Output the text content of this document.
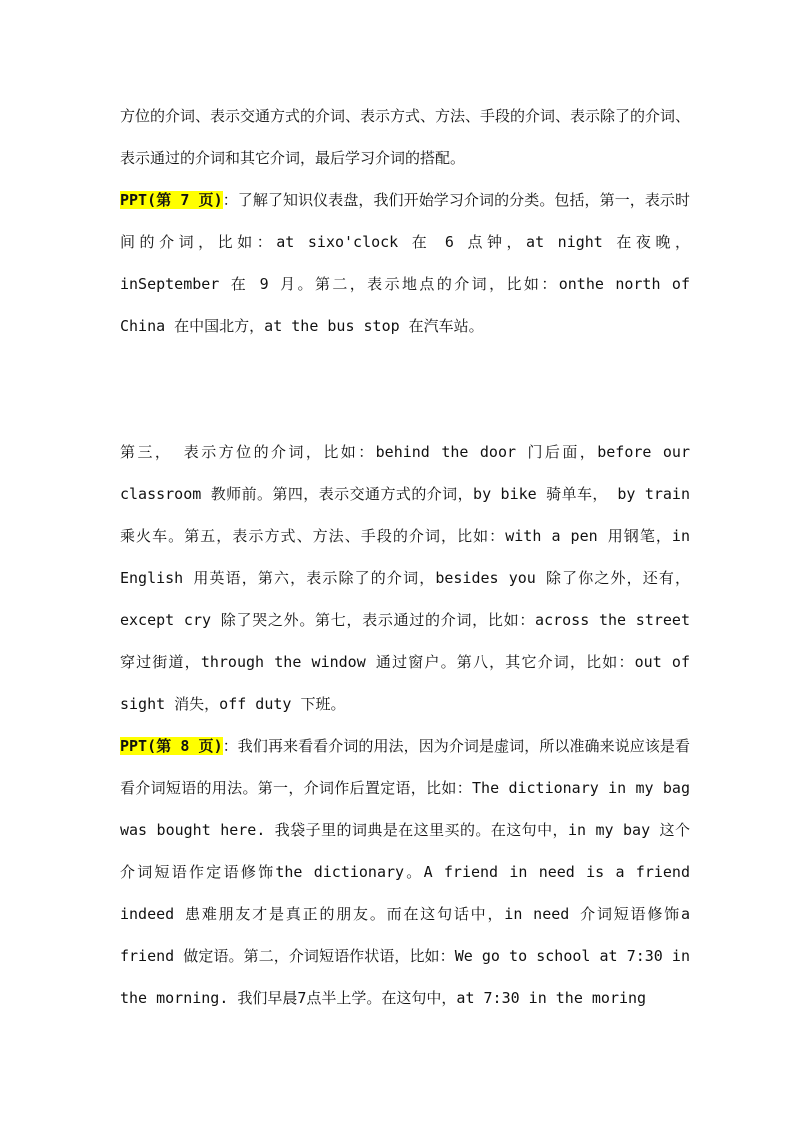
方位的介词、表示交通方式的介词、表示方式、方法、手段的介词、表示除了的介词、表示通过的介词和其它介词，最后学习介词的搭配。

PPT(第 7 页)：了解了知识仪表盘，我们开始学习介词的分类。包括，第一，表示时间的介词，比如：at sixo'clock 在 6 点钟，at night 在夜晚，inSeptember 在 9 月。第二，表示地点的介词，比如：onthe north of China 在中国北方，at the bus stop 在汽车站。

第三， 表示方位的介词，比如：behind the door 门后面，before our classroom 教师前。第四，表示交通方式的介词，by bike 骑单车， by train 乘火车。第五，表示方式、方法、手段的介词，比如：with a pen 用钢笔，in English 用英语，第六，表示除了的介词，besides you 除了你之外，还有，except cry 除了哭之外。第七，表示通过的介词，比如：across the street 穿过街道，through the window 通过窗户。第八，其它介词，比如：out of sight 消失，off duty 下班。

PPT(第 8 页)：我们再来看看介词的用法，因为介词是虚词，所以准确来说应该是看看介词短语的用法。第一，介词作后置定语，比如：The dictionary in my bag was bought here. 我袋子里的词典是在这里买的。在这句中，in my bay 这个介词短语作定语修饰the dictionary。A friend in need is a friend indeed 患难朋友才是真正的朋友。而在这句话中，in need 介词短语修饰a friend 做定语。第二，介词短语作状语，比如：We go to school at 7:30 in the morning. 我们早晨7点半上学。在这句中，at 7:30 in the moring
